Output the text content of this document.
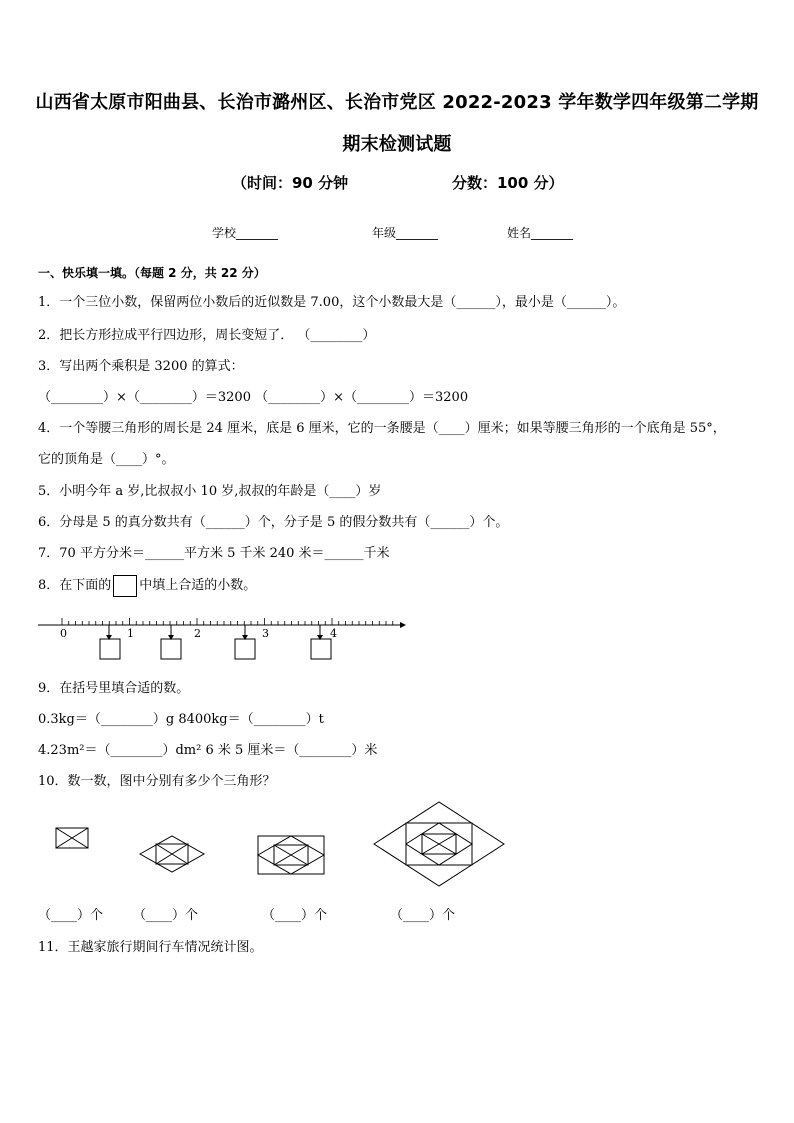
山西省太原市阳曲县、长治市潞州区、长治市党区 2022-2023 学年数学四年级第二学期
期末检测试题
（时间：90 分钟	分数：100 分）
学校_______	年级_______	姓名_______
一、快乐填一填。（每题 2 分，共 22 分）
1．一个三位小数，保留两位小数后的近似数是 7.00，这个小数最大是（______），最小是（______）。
2．把长方形拉成平行四边形，周长变短了． （________）
3．写出两个乘积是 3200 的算式：
（________）×（________）＝3200 （________）×（________）＝3200
4．一个等腰三角形的周长是 24 厘米，底是 6 厘米，它的一条腰是（____）厘米；如果等腰三角形的一个底角是 55°，
它的顶角是（____）°。
5．小明今年 a 岁,比叔叔小 10 岁,叔叔的年龄是（____）岁
6．分母是 5 的真分数共有（______）个，分子是 5 的假分数共有（______）个。
7．70 平方分米＝______平方米 5 千米 240 米＝______千米
8．在下面的 中填上合适的小数。
0	1	2	3	4
9．在括号里填合适的数。
0.3kg＝（________）g 8400kg＝（________）t
4.23m²＝（________）dm² 6 米 5 厘米＝（________）米
10．数一数，图中分别有多少个三角形？
（____）个 （____）个	（____）个	（____）个
11．王越家旅行期间行车情况统计图。
